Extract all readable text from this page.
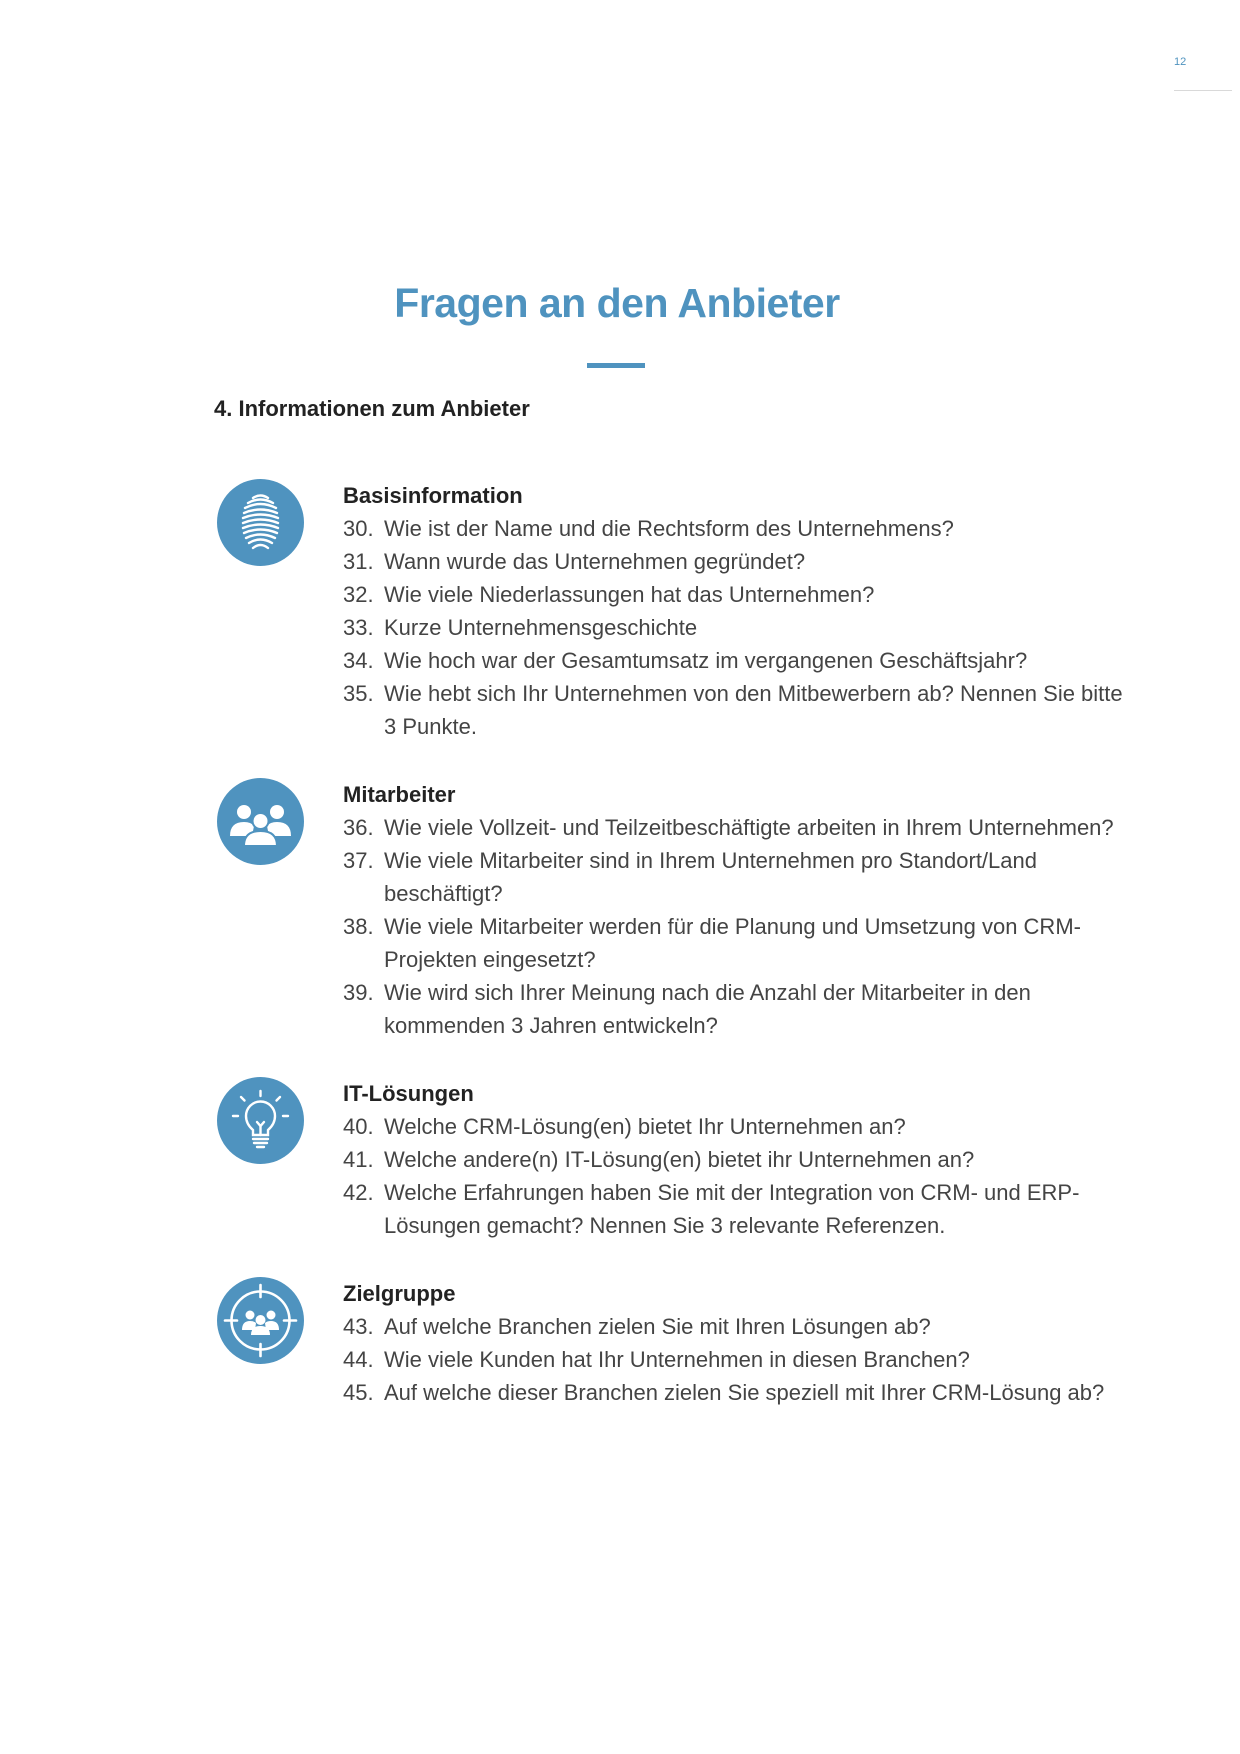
12
Fragen an den Anbieter
4. Informationen zum Anbieter
Basisinformation
30. Wie ist der Name und die Rechtsform des Unternehmens?
31. Wann wurde das Unternehmen gegründet?
32. Wie viele Niederlassungen hat das Unternehmen?
33. Kurze Unternehmensgeschichte
34. Wie hoch war der Gesamtumsatz im vergangenen Geschäftsjahr?
35. Wie hebt sich Ihr Unternehmen von den Mitbewerbern ab? Nennen Sie bitte 3 Punkte.
Mitarbeiter
36. Wie viele Vollzeit- und Teilzeitbeschäftigte arbeiten in Ihrem Unternehmen?
37. Wie viele Mitarbeiter sind in Ihrem Unternehmen pro Standort/Land beschäftigt?
38. Wie viele Mitarbeiter werden für die Planung und Umsetzung von CRM-Projekten eingesetzt?
39. Wie wird sich Ihrer Meinung nach die Anzahl der Mitarbeiter in den kommenden 3 Jahren entwickeln?
IT-Lösungen
40. Welche CRM-Lösung(en) bietet Ihr Unternehmen an?
41. Welche andere(n) IT-Lösung(en) bietet ihr Unternehmen an?
42. Welche Erfahrungen haben Sie mit der Integration von CRM- und ERP-Lösungen gemacht? Nennen Sie 3 relevante Referenzen.
Zielgruppe
43. Auf welche Branchen zielen Sie mit Ihren Lösungen ab?
44. Wie viele Kunden hat Ihr Unternehmen in diesen Branchen?
45. Auf welche dieser Branchen zielen Sie speziell mit Ihrer CRM-Lösung ab?
